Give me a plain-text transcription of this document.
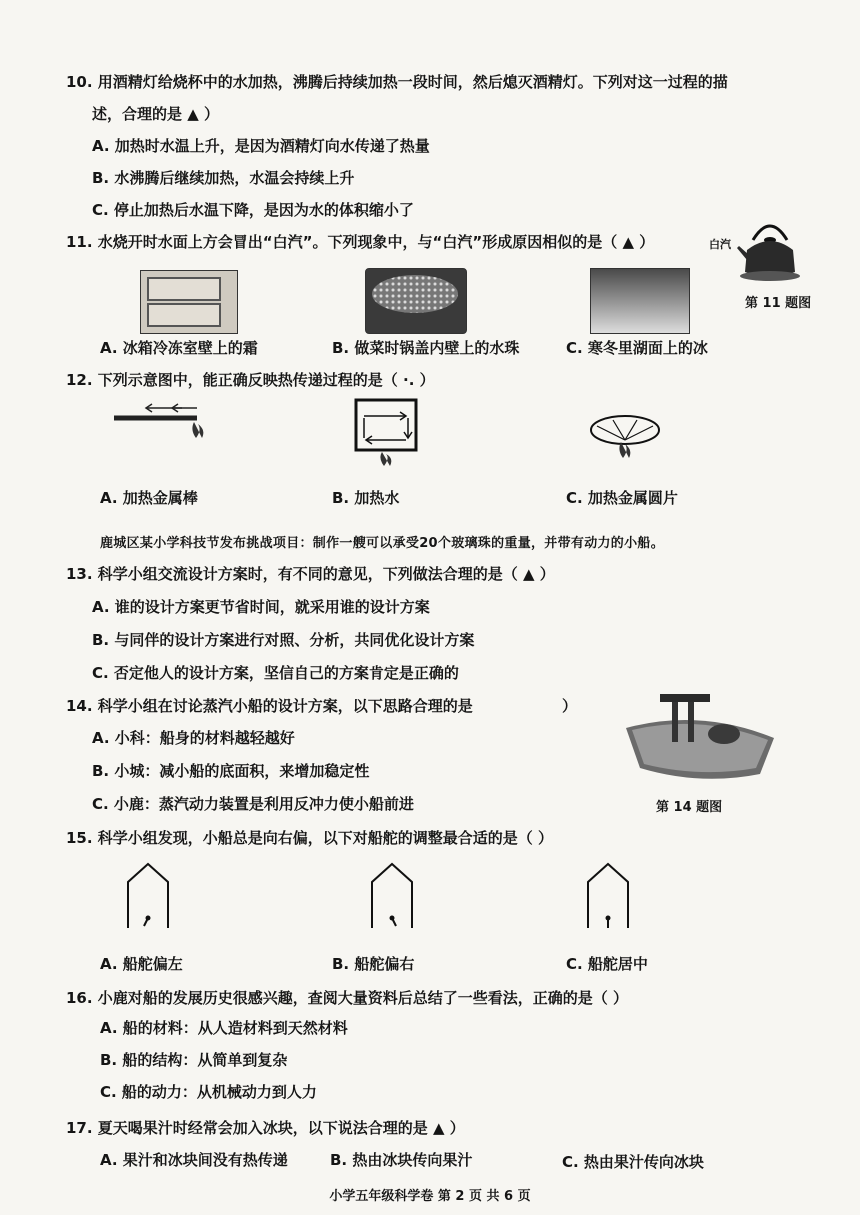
10. 用酒精灯给烧杯中的水加热，沸腾后持续加热一段时间，然后熄灭酒精灯。下列对这一过程的描
述，合理的是 ▲ ）
A. 加热时水温上升，是因为酒精灯向水传递了热量
B. 水沸腾后继续加热，水温会持续上升
C. 停止加热后水温下降，是因为水的体积缩小了
11. 水烧开时水面上方会冒出“白汽”。下列现象中，与“白汽”形成原因相似的是（ ▲ ）	白汽
第 11 题图
A. 冰箱冷冻室壁上的霜	B. 做菜时锅盖内壁上的水珠	C. 寒冬里湖面上的冰
12. 下列示意图中，能正确反映热传递过程的是（ ·. ）
A. 加热金属棒	B. 加热水	C. 加热金属圆片
鹿城区某小学科技节发布挑战项目：制作一艘可以承受20个玻璃珠的重量，并带有动力的小船。
13. 科学小组交流设计方案时，有不同的意见，下列做法合理的是（ ▲ ）
A. 谁的设计方案更节省时间，就采用谁的设计方案
B. 与同伴的设计方案进行对照、分析，共同优化设计方案
C. 否定他人的设计方案，坚信自己的方案肯定是正确的
14. 科学小组在讨论蒸汽小船的设计方案，以下思路合理的是	）
A. 小科：船身的材料越轻越好
B. 小城：减小船的底面积，来增加稳定性
C. 小鹿：蒸汽动力装置是利用反冲力使小船前进	第 14 题图
15. 科学小组发现，小船总是向右偏，以下对船舵的调整最合适的是（ ）
A. 船舵偏左	B. 船舵偏右	C. 船舵居中
16. 小鹿对船的发展历史很感兴趣，查阅大量资料后总结了一些看法，正确的是（ ）
A. 船的材料：从人造材料到天然材料
B. 船的结构：从简单到复杂
C. 船的动力：从机械动力到人力
17. 夏天喝果汁时经常会加入冰块，以下说法合理的是 ▲ ）
A. 果汁和冰块间没有热传递	B. 热由冰块传向果汁	C. 热由果汁传向冰块
小学五年级科学卷 第 2 页 共 6 页
